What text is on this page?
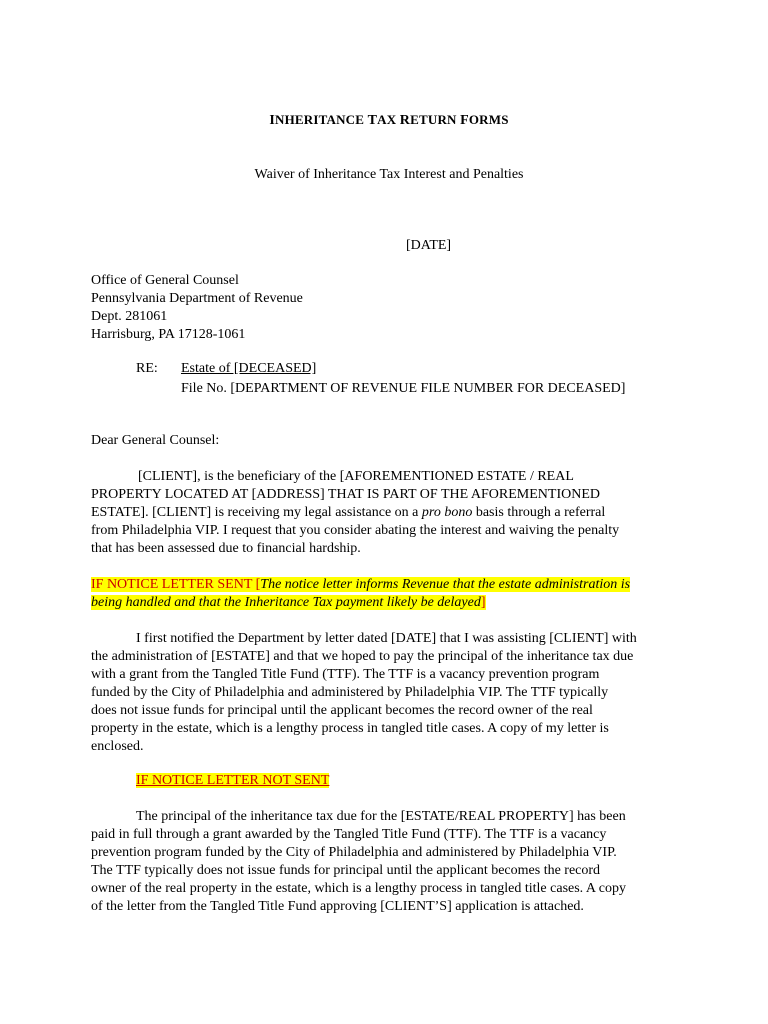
INHERITANCE TAX RETURN FORMS
Waiver of Inheritance Tax Interest and Penalties
[DATE]
Office of General Counsel
Pennsylvania Department of Revenue
Dept. 281061
Harrisburg, PA 17128-1061
RE: Estate of [DECEASED]
File No. [DEPARTMENT OF REVENUE FILE NUMBER FOR DECEASED]
Dear General Counsel:
[CLIENT], is the beneficiary of the [AFOREMENTIONED ESTATE / REAL
PROPERTY LOCATED AT [ADDRESS] THAT IS PART OF THE AFOREMENTIONED
ESTATE]. [CLIENT] is receiving my legal assistance on a pro bono basis through a referral
from Philadelphia VIP. I request that you consider abating the interest and waiving the penalty
that has been assessed due to financial hardship.
IF NOTICE LETTER SENT [The notice letter informs Revenue that the estate administration is
being handled and that the Inheritance Tax payment likely be delayed]
I first notified the Department by letter dated [DATE] that I was assisting [CLIENT] with
the administration of [ESTATE] and that we hoped to pay the principal of the inheritance tax due
with a grant from the Tangled Title Fund (TTF). The TTF is a vacancy prevention program
funded by the City of Philadelphia and administered by Philadelphia VIP. The TTF typically
does not issue funds for principal until the applicant becomes the record owner of the real
property in the estate, which is a lengthy process in tangled title cases. A copy of my letter is
enclosed.
IF NOTICE LETTER NOT SENT
The principal of the inheritance tax due for the [ESTATE/REAL PROPERTY] has been
paid in full through a grant awarded by the Tangled Title Fund (TTF). The TTF is a vacancy
prevention program funded by the City of Philadelphia and administered by Philadelphia VIP.
The TTF typically does not issue funds for principal until the applicant becomes the record
owner of the real property in the estate, which is a lengthy process in tangled title cases. A copy
of the letter from the Tangled Title Fund approving [CLIENT’S] application is attached.
